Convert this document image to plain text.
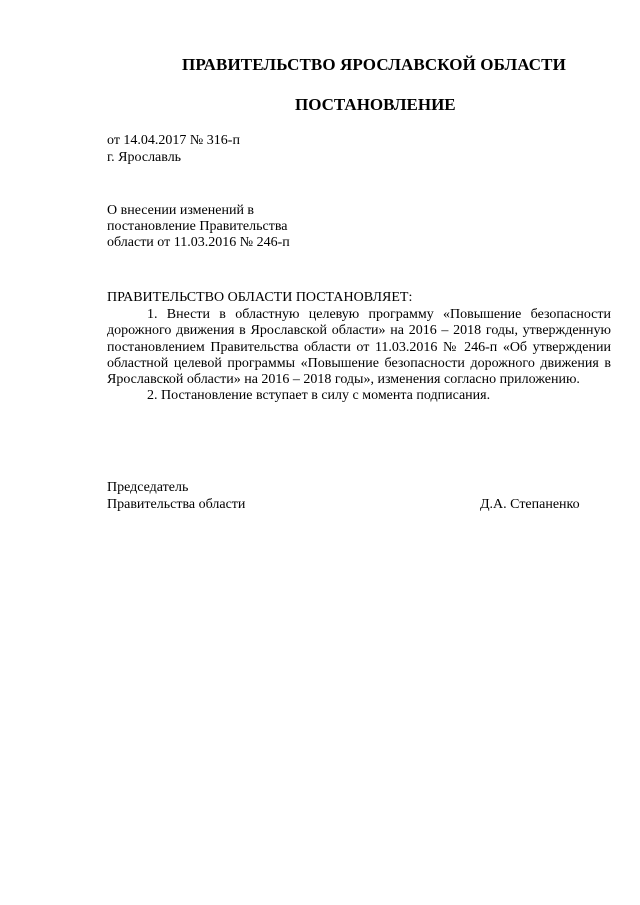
ПРАВИТЕЛЬСТВО ЯРОСЛАВСКОЙ ОБЛАСТИ
ПОСТАНОВЛЕНИЕ
от 14.04.2017 № 316-п
г. Ярославль
О внесении изменений в
постановление Правительства
области от 11.03.2016 № 246-п
ПРАВИТЕЛЬСТВО ОБЛАСТИ ПОСТАНОВЛЯЕТ:

1. Внести в областную целевую программу «Повышение безопасности дорожного движения в Ярославской области» на 2016 – 2018 годы, утвержденную постановлением Правительства области от 11.03.2016 № 246-п «Об утверждении областной целевой программы «Повышение безопасности дорожного движения в Ярославской области» на 2016 – 2018 годы», изменения согласно приложению.

2. Постановление вступает в силу с момента подписания.

Председатель
Правительства области	Д.А. Степаненко
